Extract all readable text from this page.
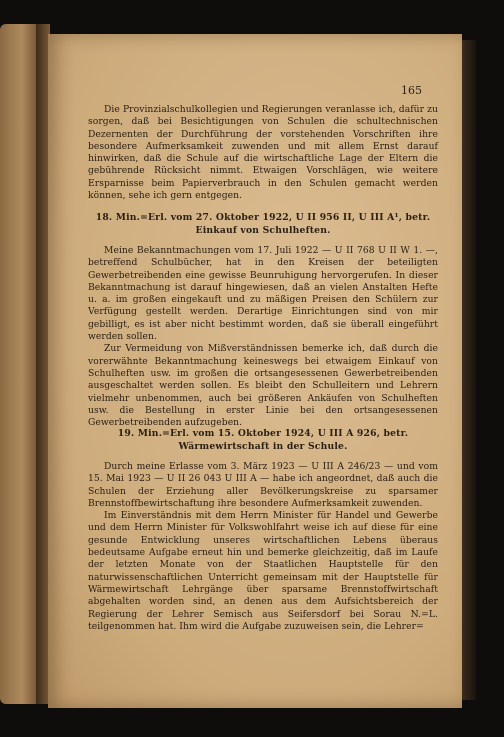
165

Die Provinzialschulkollegien und Regierungen veranlasse ich, dafür zu sorgen, daß bei Besichtigungen von Schulen die schultechnischen Dezernenten der Durchführung der vorstehenden Vorschriften ihre besondere Aufmerksamkeit zuwenden und mit allem Ernst darauf hinwirken, daß die Schule auf die wirtschaftliche Lage der Eltern die gebührende Rücksicht nimmt. Etwaigen Vorschlägen, wie weitere Ersparnisse beim Papierverbrauch in den Schulen gemacht werden können, sehe ich gern entgegen.

18. Min.=Erl. vom 27. Oktober 1922, U II 956 II, U III A¹, betr. Einkauf von Schulheften.

Meine Bekanntmachungen vom 17. Juli 1922 — U II 768 U II W 1. —, betreffend Schulbücher, hat in den Kreisen der beteiligten Gewerbetreibenden eine gewisse Beunruhigung hervorgerufen. In dieser Bekanntmachung ist darauf hingewiesen, daß an vielen Anstalten Hefte u. a. im großen eingekauft und zu mäßigen Preisen den Schülern zur Verfügung gestellt werden. Derartige Einrichtungen sind von mir gebilligt, es ist aber nicht bestimmt worden, daß sie überall eingeführt werden sollen.

Zur Vermeidung von Mißverständnissen bemerke ich, daß durch die vorerwähnte Bekanntmachung keineswegs bei etwaigem Einkauf von Schulheften usw. im großen die ortsangesessenen Gewerbetreibenden ausgeschaltet werden sollen. Es bleibt den Schulleitern und Lehrern vielmehr unbenommen, auch bei größeren Ankäufen von Schulheften usw. die Bestellung in erster Linie bei den ortsangesessenen Gewerbetreibenden aufzugeben.

19. Min.=Erl. vom 15. Oktober 1924, U III A 926, betr. Wärmewirtschaft in der Schule.

Durch meine Erlasse vom 3. März 1923 — U III A 246/23 — und vom 15. Mai 1923 — U II 26 043 U III A — habe ich angeordnet, daß auch die Schulen der Erziehung aller Bevölkerungskreise zu sparsamer Brennstoffbewirtschaftung ihre besondere Aufmerksamkeit zuwenden.

Im Einverständnis mit dem Herrn Minister für Handel und Gewerbe und dem Herrn Minister für Volkswohlfahrt weise ich auf diese für eine gesunde Entwicklung unseres wirtschaftlichen Lebens überaus bedeutsame Aufgabe erneut hin und bemerke gleichzeitig, daß im Laufe der letzten Monate von der Staatlichen Hauptstelle für den naturwissenschaftlichen Unterricht gemeinsam mit der Hauptstelle für Wärmewirtschaft Lehrgänge über sparsame Brennstoffwirtschaft abgehalten worden sind, an denen aus dem Aufsichtsbereich der Regierung der Lehrer Semisch aus Seifersdorf bei Sorau N.=L. teilgenommen hat. Ihm wird die Aufgabe zuzuweisen sein, die Lehrer=
